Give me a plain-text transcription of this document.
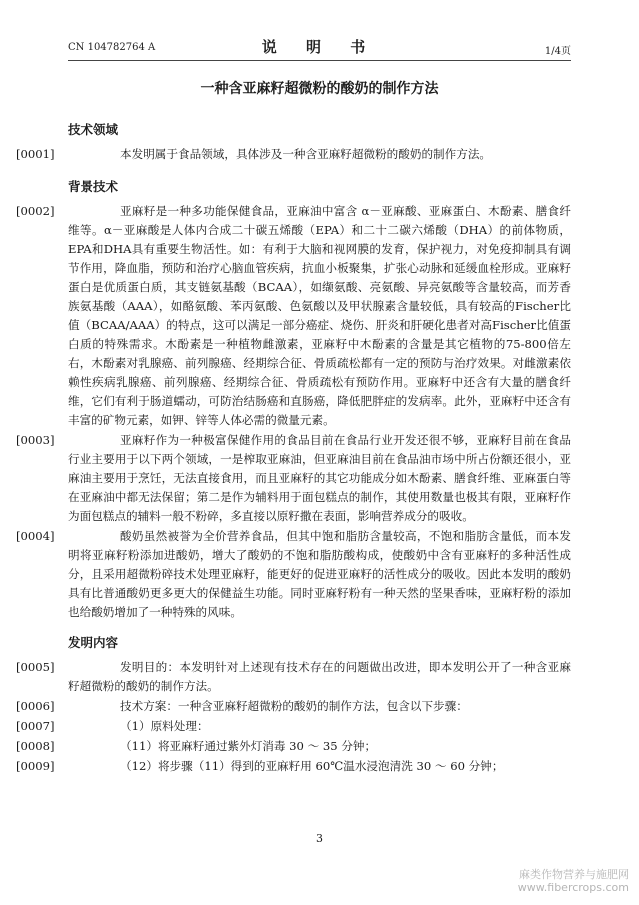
CN 104782764 A	说 明 书	1/4页
一种含亚麻籽超微粉的酸奶的制作方法
技术领域

[0001]	本发明属于食品领域，具体涉及一种含亚麻籽超微粉的酸奶的制作方法。

背景技术

[0002]	亚麻籽是一种多功能保健食品，亚麻油中富含 α－亚麻酸、亚麻蛋白、木酚素、膳食纤维等。α－亚麻酸是人体内合成二十碳五烯酸（EPA）和二十二碳六烯酸（DHA）的前体物质，EPA和DHA具有重要生物活性。如：有利于大脑和视网膜的发育，保护视力，对免疫抑制具有调节作用，降血脂，预防和治疗心脑血管疾病，抗血小板聚集，扩张心动脉和延缓血栓形成。亚麻籽蛋白是优质蛋白质，其支链氨基酸（BCAA），如缬氨酸、亮氨酸、异亮氨酸等含量较高，而芳香族氨基酸（AAA），如酪氨酸、苯丙氨酸、色氨酸以及甲状腺素含量较低，具有较高的Fischer比值（BCAA/AAA）的特点，这可以满足一部分癌症、烧伤、肝炎和肝硬化患者对高Fischer比值蛋白质的特殊需求。木酚素是一种植物雌激素，亚麻籽中木酚素的含量是其它植物的75-800倍左右，木酚素对乳腺癌、前列腺癌、经期综合征、骨质疏松都有一定的预防与治疗效果。对雌激素依赖性疾病乳腺癌、前列腺癌、经期综合征、骨质疏松有预防作用。亚麻籽中还含有大量的膳食纤维，它们有利于肠道蠕动，可防治结肠癌和直肠癌，降低肥胖症的发病率。此外，亚麻籽中还含有丰富的矿物元素，如钾、锌等人体必需的微量元素。

[0003]	亚麻籽作为一种极富保健作用的食品目前在食品行业开发还很不够，亚麻籽目前在食品行业主要用于以下两个领域，一是榨取亚麻油，但亚麻油目前在食品油市场中所占份额还很小，亚麻油主要用于烹饪，无法直接食用，而且亚麻籽的其它功能成分如木酚素、膳食纤维、亚麻蛋白等在亚麻油中都无法保留；第二是作为辅料用于面包糕点的制作，其使用数量也极其有限，亚麻籽作为面包糕点的辅料一般不粉碎，多直接以原籽撒在表面，影响营养成分的吸收。

[0004]	酸奶虽然被誉为全价营养食品，但其中饱和脂肪含量较高，不饱和脂肪含量低，而本发明将亚麻籽粉添加进酸奶，增大了酸奶的不饱和脂肪酸构成，使酸奶中含有亚麻籽的多种活性成分，且采用超微粉碎技术处理亚麻籽，能更好的促进亚麻籽的活性成分的吸收。因此本发明的酸奶具有比普通酸奶更多更大的保健益生功能。同时亚麻籽粉有一种天然的坚果香味，亚麻籽粉的添加也给酸奶增加了一种特殊的风味。

发明内容

[0005]	发明目的：本发明针对上述现有技术存在的问题做出改进，即本发明公开了一种含亚麻籽超微粉的酸奶的制作方法。

[0006]	技术方案：一种含亚麻籽超微粉的酸奶的制作方法，包含以下步骤：

[0007]	（1）原料处理：

[0008]	（11）将亚麻籽通过紫外灯消毒 30 ～ 35 分钟；

[0009]	（12）将步骤（11）得到的亚麻籽用 60℃温水浸泡清洗 30 ～ 60 分钟；

3
麻类作物营养与施肥网
www.fibercrops.com
